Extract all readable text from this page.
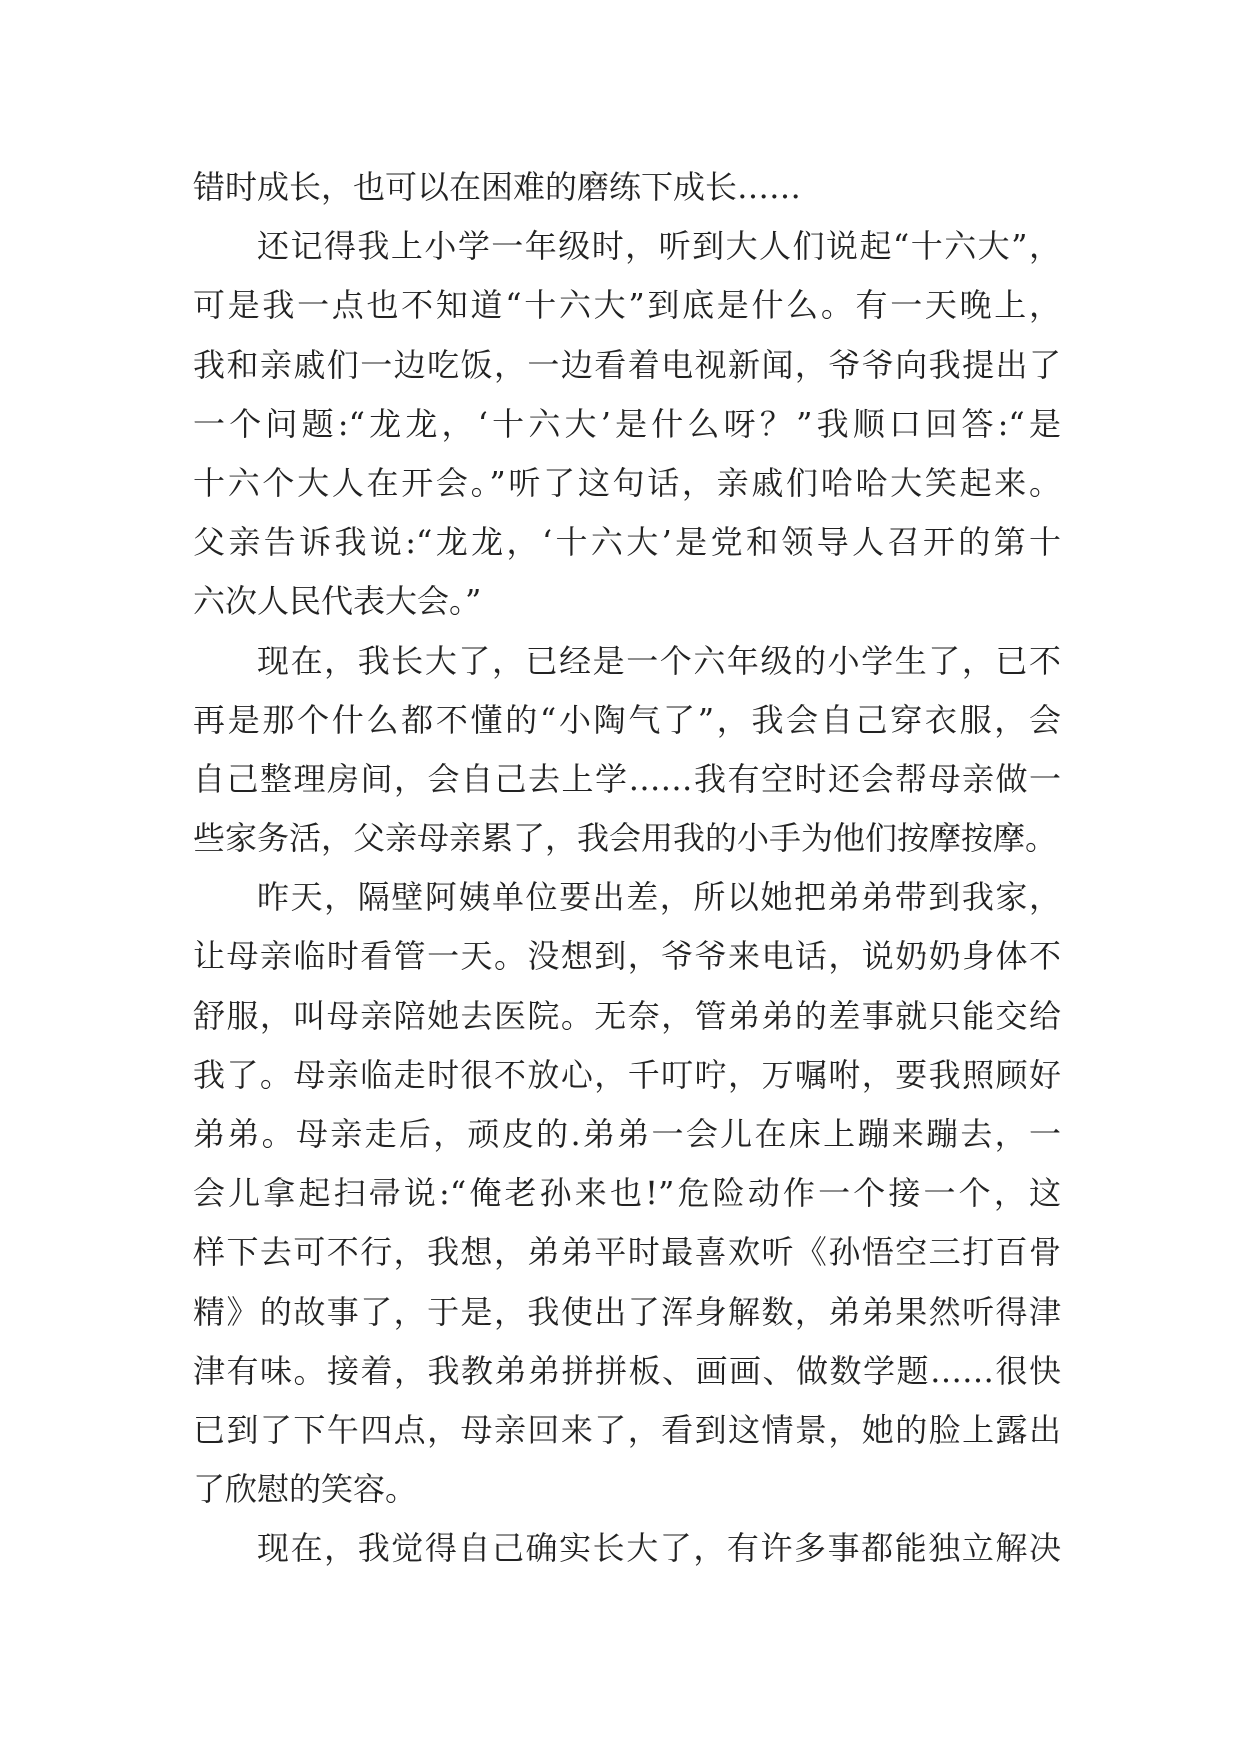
错时成长，也可以在困难的磨练下成长……
还记得我上小学一年级时，听到大人们说起“十六大”，
可是我一点也不知道“十六大”到底是什么。有一天晚上，
我和亲戚们一边吃饭，一边看着电视新闻，爷爷向我提出了
一个问题:“龙龙，‘十六大’是什么呀？”我顺口回答:“是
十六个大人在开会。”听了这句话，亲戚们哈哈大笑起来。
父亲告诉我说:“龙龙，‘十六大’是党和领导人召开的第十
六次人民代表大会。”
现在，我长大了，已经是一个六年级的小学生了，已不
再是那个什么都不懂的“小陶气了”，我会自己穿衣服，会
自己整理房间，会自己去上学……我有空时还会帮母亲做一
些家务活，父亲母亲累了，我会用我的小手为他们按摩按摩。
昨天，隔壁阿姨单位要出差，所以她把弟弟带到我家，
让母亲临时看管一天。没想到，爷爷来电话，说奶奶身体不
舒服，叫母亲陪她去医院。无奈，管弟弟的差事就只能交给
我了。母亲临走时很不放心，千叮咛，万嘱咐，要我照顾好
弟弟。母亲走后，顽皮的.弟弟一会儿在床上蹦来蹦去，一
会儿拿起扫帚说:“俺老孙来也!”危险动作一个接一个，这
样下去可不行，我想，弟弟平时最喜欢听《孙悟空三打百骨
精》的故事了，于是，我使出了浑身解数，弟弟果然听得津
津有味。接着，我教弟弟拼拼板、画画、做数学题……很快
已到了下午四点，母亲回来了，看到这情景，她的脸上露出
了欣慰的笑容。
现在，我觉得自己确实长大了，有许多事都能独立解决
